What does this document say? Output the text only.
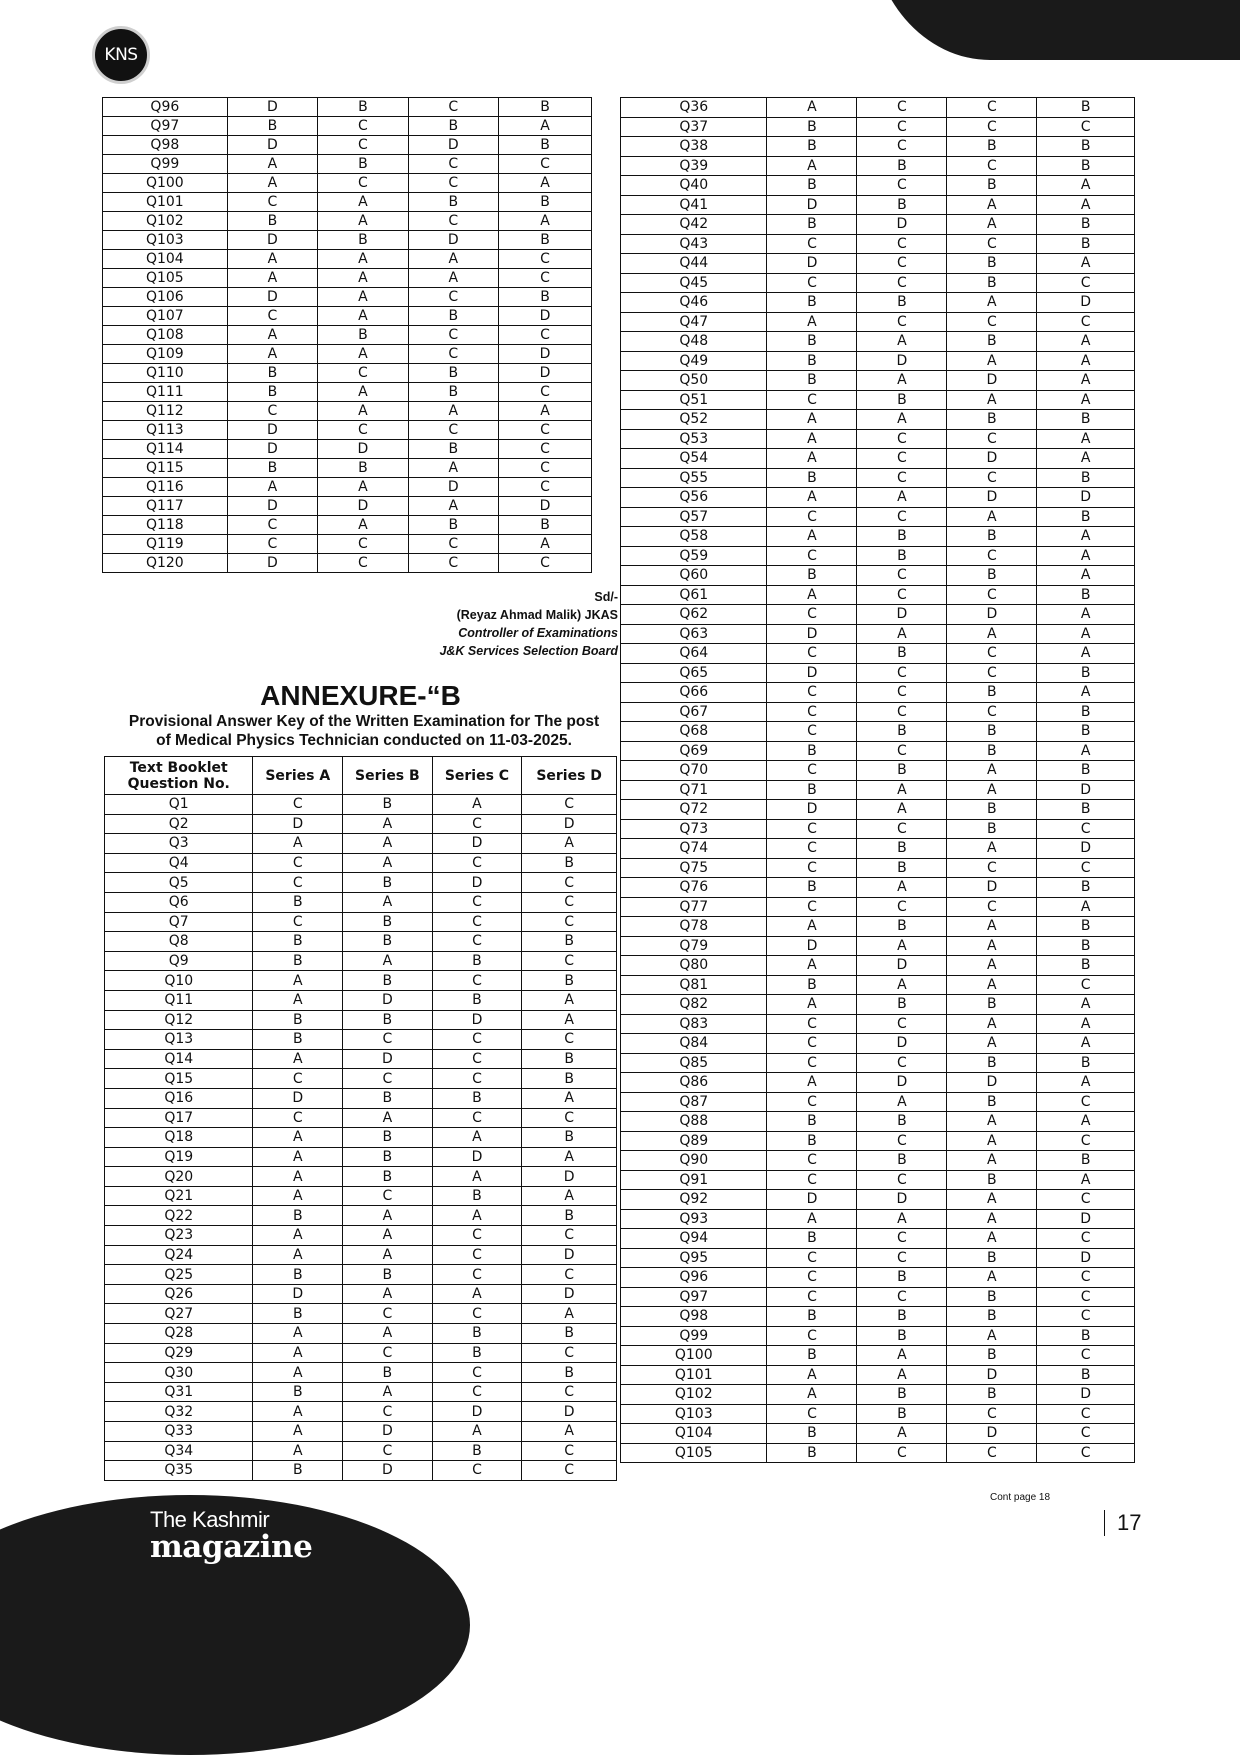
KNS
Q96	D	B	C	B
Q97	B	C	B	A
Q98	D	C	D	B
Q99	A	B	C	C
Q100	A	C	C	A
Q101	C	A	B	B
Q102	B	A	C	A
Q103	D	B	D	B
Q104	A	A	A	C
Q105	A	A	A	C
Q106	D	A	C	B
Q107	C	A	B	D
Q108	A	B	C	C
Q109	A	A	C	D
Q110	B	C	B	D
Q111	B	A	B	C
Q112	C	A	A	A
Q113	D	C	C	C
Q114	D	D	B	C
Q115	B	B	A	C
Q116	A	A	D	C
Q117	D	D	A	D
Q118	C	A	B	B
Q119	C	C	C	A
Q120	D	C	C	C
Q36	A	C	C	B
Q37	B	C	C	C
Q38	B	C	B	B
Q39	A	B	C	B
Q40	B	C	B	A
Q41	D	B	A	A
Q42	B	D	A	B
Q43	C	C	C	B
Q44	D	C	B	A
Q45	C	C	B	C
Q46	B	B	A	D
Q47	A	C	C	C
Q48	B	A	B	A
Q49	B	D	A	A
Q50	B	A	D	A
Q51	C	B	A	A
Q52	A	A	B	B
Q53	A	C	C	A
Q54	A	C	D	A
Q55	B	C	C	B
Q56	A	A	D	D
Q57	C	C	A	B
Q58	A	B	B	A
Q59	C	B	C	A
Q60	B	C	B	A
Q61	A	C	C	B
Q62	C	D	D	A
Q63	D	A	A	A
Q64	C	B	C	A
Q65	D	C	C	B
Q66	C	C	B	A
Q67	C	C	C	B
Q68	C	B	B	B
Q69	B	C	B	A
Q70	C	B	A	B
Q71	B	A	A	D
Q72	D	A	B	B
Q73	C	C	B	C
Q74	C	B	A	D
Q75	C	B	C	C
Q76	B	A	D	B
Q77	C	C	C	A
Q78	A	B	A	B
Q79	D	A	A	B
Q80	A	D	A	B
Q81	B	A	A	C
Q82	A	B	B	A
Q83	C	C	A	A
Q84	C	D	A	A
Q85	C	C	B	B
Q86	A	D	D	A
Q87	C	A	B	C
Q88	B	B	A	A
Q89	B	C	A	C
Q90	C	B	A	B
Q91	C	C	B	A
Q92	D	D	A	C
Q93	A	A	A	D
Q94	B	C	A	C
Q95	C	C	B	D
Q96	C	B	A	C
Q97	C	C	B	C
Q98	B	B	B	C
Q99	C	B	A	B
Q100	B	A	B	C
Q101	A	A	D	B
Q102	A	B	B	D
Q103	C	B	C	C
Q104	B	A	D	C
Q105	B	C	C	C
Sd/-
(Reyaz Ahmad Malik) JKAS
Controller of Examinations
J&K Services Selection Board
ANNEXURE-“B
Provisional Answer Key of the Written Examination for The post
of Medical Physics Technician conducted on 11-03-2025.
Text Booklet Question No.	Series A	Series B	Series C	Series D
Q1	C	B	A	C
Q2	D	A	C	D
Q3	A	A	D	A
Q4	C	A	C	B
Q5	C	B	D	C
Q6	B	A	C	C
Q7	C	B	C	C
Q8	B	B	C	B
Q9	B	A	B	C
Q10	A	B	C	B
Q11	A	D	B	A
Q12	B	B	D	A
Q13	B	C	C	C
Q14	A	D	C	B
Q15	C	C	C	B
Q16	D	B	B	A
Q17	C	A	C	C
Q18	A	B	A	B
Q19	A	B	D	A
Q20	A	B	A	D
Q21	A	C	B	A
Q22	B	A	A	B
Q23	A	A	C	C
Q24	A	A	C	D
Q25	B	B	C	C
Q26	D	A	A	D
Q27	B	C	C	A
Q28	A	A	B	B
Q29	A	C	B	C
Q30	A	B	C	B
Q31	B	A	C	C
Q32	A	C	D	D
Q33	A	D	A	A
Q34	A	C	B	C
Q35	B	D	C	C
Cont page 18
17
The Kashmir
magazine
